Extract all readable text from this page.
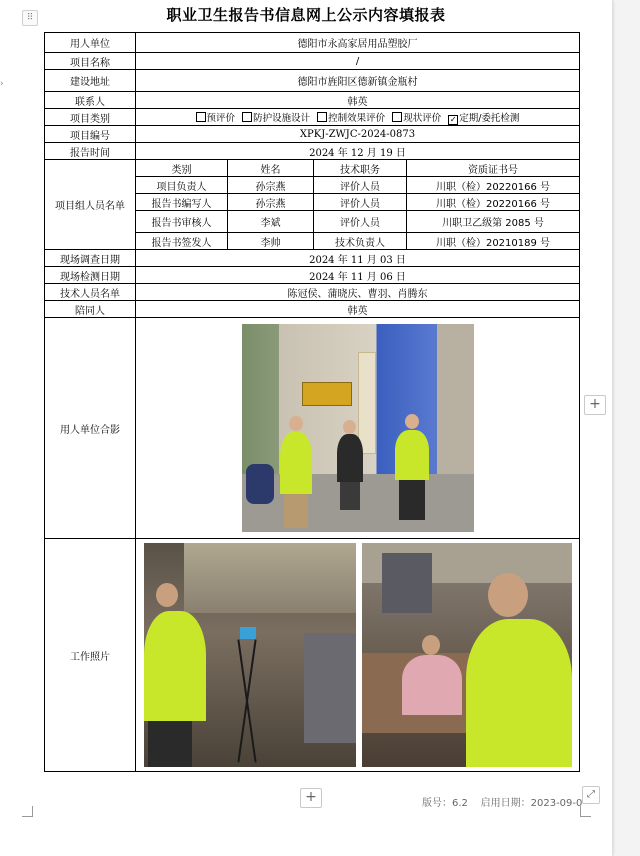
⠿
›
职业卫生报告书信息网上公示内容填报表
用人单位	德阳市永高家居用品塑胶厂			
项目名称	/			
建设地址	德阳市旌阳区德新镇金瓶村			
联系人	韩英			
项目类别	预评价 防护设施设计 控制效果评价 现状评价 ✓ 定期/委托检测			
项目编号	XPKJ-ZWJC-2024-0873			
报告时间	2024 年 12 月 19 日			
项目组人员名单	类别	姓名	技术职务	资质证书号
	项目负责人	孙宗燕	评价人员	川职（检）20220166 号
	报告书编写人	孙宗燕	评价人员	川职（检）20220166 号
	报告书审核人	李斌	评价人员	川职卫乙级第 2085 号
	报告书签发人	李帅	技术负责人	川职（检）20210189 号
现场调查日期	2024 年 11 月 03 日			
现场检测日期	2024 年 11 月 06 日			
技术人员名单	陈冠侯、蒲晓庆、曹羽、肖腾东			
陪同人	韩英			
用人单位合影				

工作照片				
+
+	版号：6.2 启用日期：2023-09-0
⤢
